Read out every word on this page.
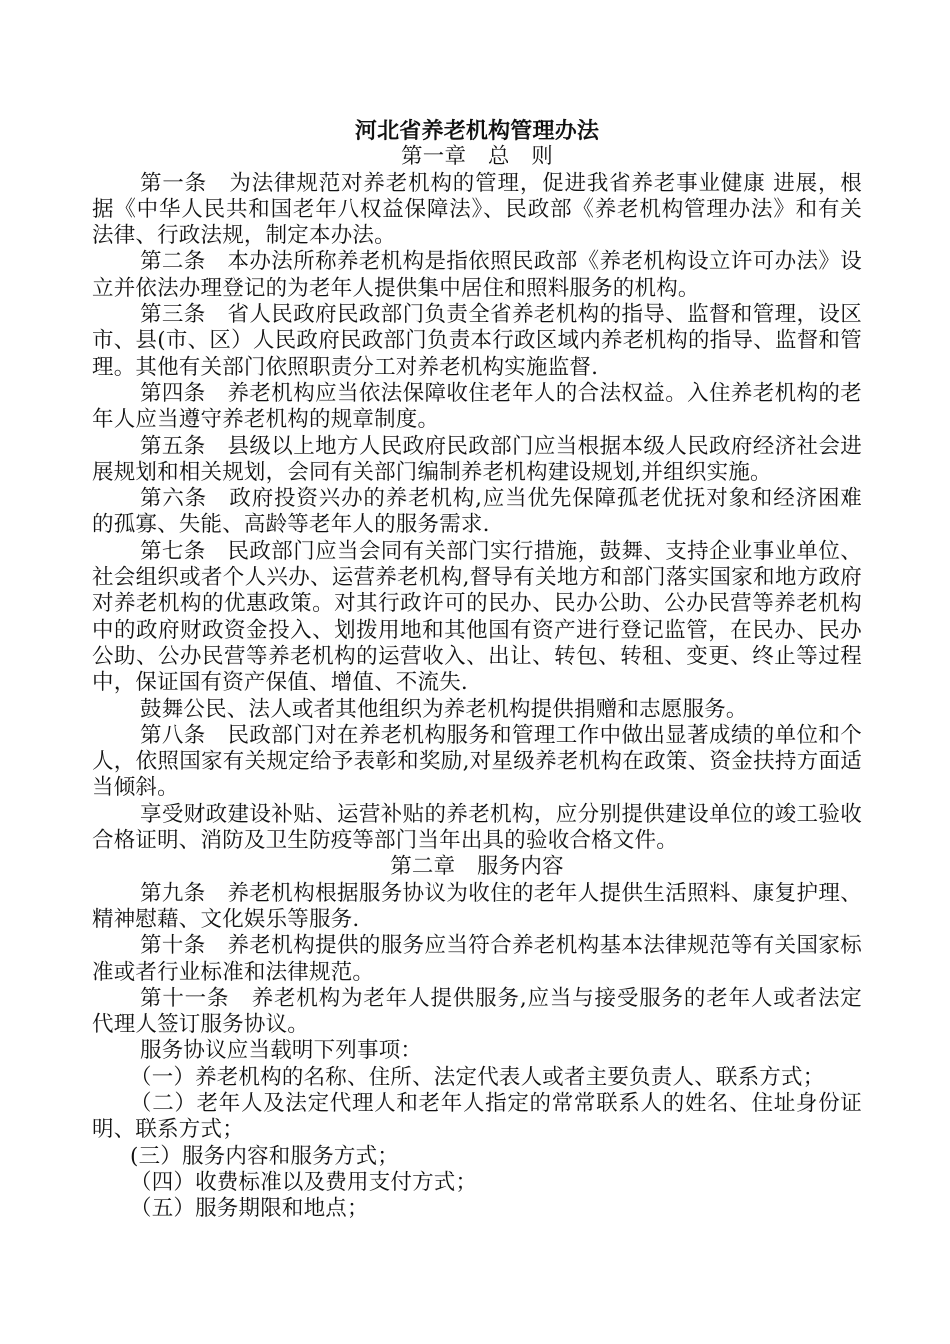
河北省养老机构管理办法

第一章　总　则

第一条　为法律规范对养老机构的管理，促进我省养老事业健康 进展，根据《中华人民共和国老年八权益保障法》、民政部《养老机构管理办法》和有关法律、行政法规，制定本办法。

第二条　本办法所称养老机构是指依照民政部《养老机构设立许可办法》设立并依法办理登记的为老年人提供集中居住和照料服务的机构。

第三条　省人民政府民政部门负责全省养老机构的指导、监督和管理，设区市、县(市、区）人民政府民政部门负责本行政区域内养老机构的指导、监督和管理。其他有关部门依照职责分工对养老机构实施监督.

第四条　养老机构应当依法保障收住老年人的合法权益。入住养老机构的老年人应当遵守养老机构的规章制度。

第五条　县级以上地方人民政府民政部门应当根据本级人民政府经济社会进展规划和相关规划，会同有关部门编制养老机构建设规划,并组织实施。

第六条　政府投资兴办的养老机构,应当优先保障孤老优抚对象和经济困难的孤寡、失能、高龄等老年人的服务需求.

第七条　民政部门应当会同有关部门实行措施，鼓舞、支持企业事业单位、社会组织或者个人兴办、运营养老机构,督导有关地方和部门落实国家和地方政府对养老机构的优惠政策。对其行政许可的民办、民办公助、公办民营等养老机构中的政府财政资金投入、划拨用地和其他国有资产进行登记监管，在民办、民办公助、公办民营等养老机构的运营收入、出让、转包、转租、变更、终止等过程中，保证国有资产保值、增值、不流失.

鼓舞公民、法人或者其他组织为养老机构提供捐赠和志愿服务。

第八条　民政部门对在养老机构服务和管理工作中做出显著成绩的单位和个人，依照国家有关规定给予表彰和奖励,对星级养老机构在政策、资金扶持方面适当倾斜。

享受财政建设补贴、运营补贴的养老机构，应分别提供建设单位的竣工验收合格证明、消防及卫生防疫等部门当年出具的验收合格文件。

第二章　服务内容

第九条　养老机构根据服务协议为收住的老年人提供生活照料、康复护理、精神慰藉、文化娱乐等服务.

第十条　养老机构提供的服务应当符合养老机构基本法律规范等有关国家标准或者行业标准和法律规范。

第十一条　养老机构为老年人提供服务,应当与接受服务的老年人或者法定代理人签订服务协议。

服务协议应当载明下列事项：

（一）养老机构的名称、住所、法定代表人或者主要负责人、联系方式；

（二）老年人及法定代理人和老年人指定的常常联系人的姓名、住址身份证明、联系方式；

(三）服务内容和服务方式；

（四）收费标准以及费用支付方式；

（五）服务期限和地点；
